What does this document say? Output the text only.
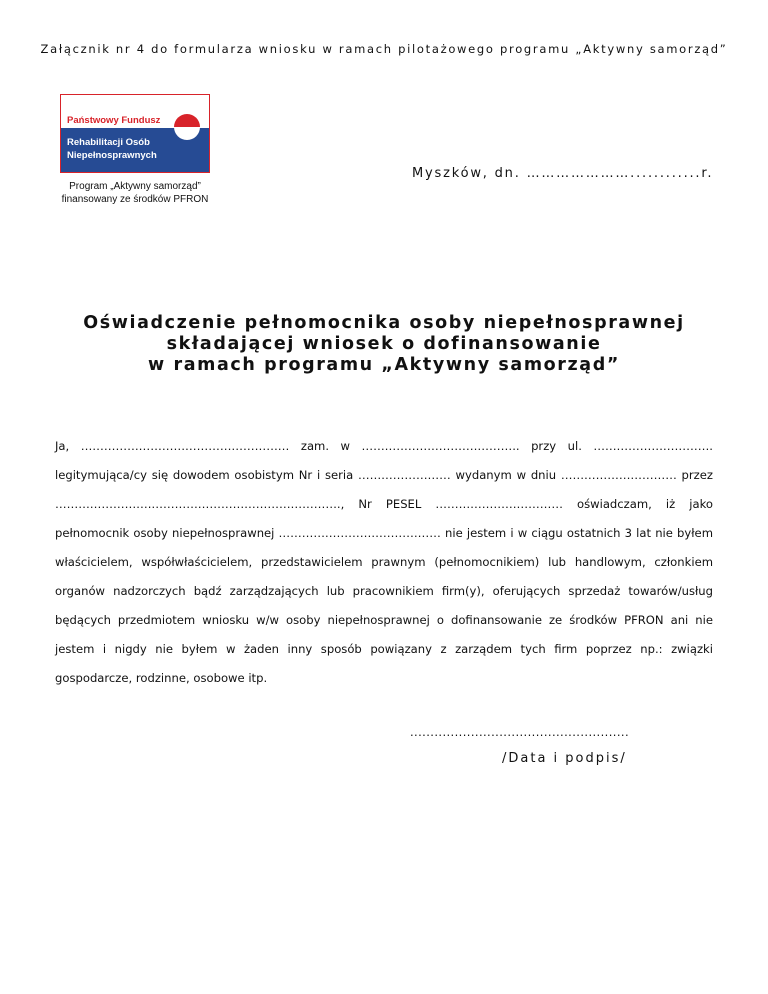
Załącznik nr 4 do formularza wniosku w ramach pilotażowego programu „Aktywny samorząd”
Państwowy Fundusz
Rehabilitacji Osób
Niepełnosprawnych
Program „Aktywny samorząd”
finansowany ze środków PFRON
Myszków, dn. …………………............r.
Oświadczenie pełnomocnika osoby niepełnosprawnej
składającej wniosek o dofinansowanie
w ramach programu „Aktywny samorząd”

Ja, ……………………………………………… zam. w ………………………………….. przy ul. …………………………. legitymująca/cy się dowodem osobistym Nr i seria …………………… wydanym w dniu ………………………… przez …………………….…………………………………………., Nr PESEL …………………………… oświadczam, iż jako pełnomocnik osoby niepełnosprawnej …………………………………… nie jestem i w ciągu ostatnich 3 lat nie byłem właścicielem, współwłaścicielem, przedstawicielem prawnym (pełnomocnikiem) lub handlowym, członkiem organów nadzorczych bądź zarządzających lub pracownikiem firm(y), oferujących sprzedaż towarów/usług będących przedmiotem wniosku w/w osoby niepełnosprawnej o dofinansowanie ze środków PFRON ani nie jestem i nigdy nie byłem w żaden inny sposób powiązany z zarządem tych firm poprzez np.: związki gospodarcze, rodzinne, osobowe itp.

......................................................
/Data i podpis/
